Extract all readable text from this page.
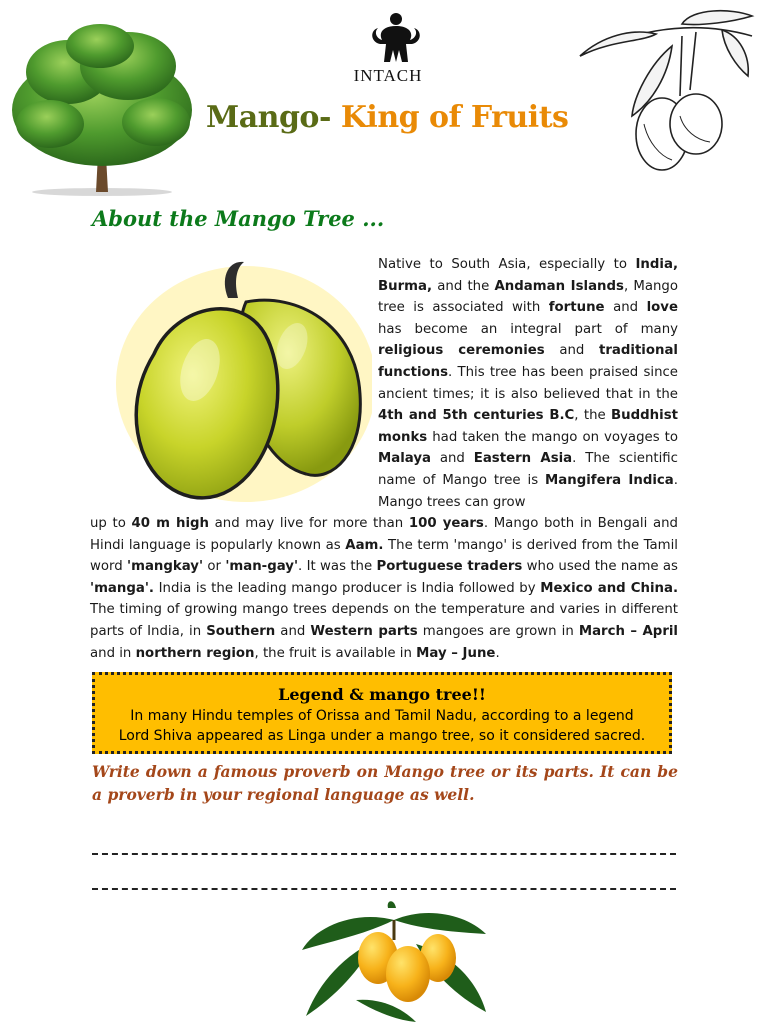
INTACH
Mango- King of Fruits
About the Mango Tree ...
Native to South Asia, especially to India, Burma, and the Andaman Islands, Mango tree is associated with fortune and love has become an integral part of many religious ceremonies and traditional functions. This tree has been praised since ancient times; it is also believed that in the 4th and 5th centuries B.C, the Buddhist monks had taken the mango on voyages to Malaya and Eastern Asia. The scientific name of Mango tree is Mangifera Indica. Mango trees can grow
up to 40 m high and may live for more than 100 years. Mango both in Bengali and Hindi language is popularly known as Aam. The term 'mango' is derived from the Tamil word 'mangkay' or 'man-gay'. It was the Portuguese traders who used the name as 'manga'. India is the leading mango producer is India followed by Mexico and China. The timing of growing mango trees depends on the temperature and varies in different parts of India, in Southern and Western parts mangoes are grown in March – April and in northern region, the fruit is available in May – June.
Legend & mango tree!!
In many Hindu temples of Orissa and Tamil Nadu, according to a legend
Lord Shiva appeared as Linga under a mango tree, so it considered sacred.
Write down a famous proverb on Mango tree or its parts. It can be a proverb in your regional language as well.
